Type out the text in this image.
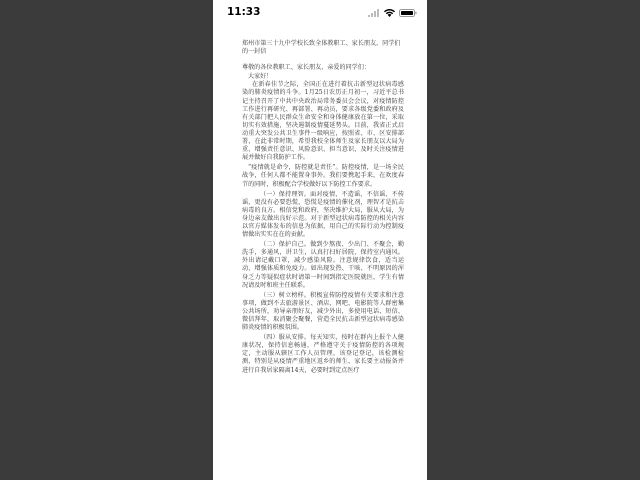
11:33

郑州市第三十九中学校长致全体教职工、家长朋友、同学们的一封信

尊敬的各位教职工、家长朋友、亲爱的同学们：

大家好！

在新春佳节之际，全国正在进行着抗击新型冠状病毒感染的肺炎疫情的斗争。1月25日农历正月初一，习近平总书记主持召开了中共中央政治局常务委员会会议，对疫情防控工作进行再研究、再部署、再动员，要求各级党委和政府及有关部门把人民群众生命安全和身体健康放在第一位，采取切实有效措施，坚决遏制疫情蔓延势头。目前，我省正式启动重大突发公共卫生事件一级响应，按照省、市、区安排部署，在此非常时期，希望我校全体师生及家长朋友以大局为重，增强责任意识、风险意识、担当意识，及时关注疫情进展并做好自我防护工作。

“疫情就是命令，防控就是责任”。防控疫情，是一场全民战争，任何人都不能置身事外。我们要携起手来，在欢度春节的同时，积极配合学校做好以下防控工作要求。

（一）保持理智。面对疫情，不造谣、不信谣、不传谣，更没有必要恐慌，恐慌是疫情的催化剂，理智才是抗击病毒的良方。相信党和政府，坚决维护大局，服从大局，为身边亲友做出良好示范。对于新型冠状病毒防控的相关内容以官方媒体发布的信息为依据，用自己的实际行动为控制疫情做出实实在在的贡献。

（二）保护自己。做到少熬夜、少出门、不聚会，勤洗手，多通风，讲卫生，认真打扫好居院，保持室内通风。外出请记戴口罩，减少感染风险。注意规律饮食，适当运动，增强体质和免疫力。如出现发热、干咳、不明原因的浑身乏力等疑似症状时请第一时间到指定医院就医，学生有情况请及时和班主任联系。

（三）树立榜样。积极宣传防控疫情有关要求和注意事项，做到不去旅游景区、酒店、网吧、电影院等人群密集公共场所，劝导亲朋好友，减少外出，多使用电话、短信、微信拜年，取消聚会聚餐，营造全民抗击新型冠状病毒感染肺炎疫情的积极氛围。

（四）服从安排。每天知实、按时在群内上报个人健康状况，保持信息畅通，严格遵守关于疫情防控的各项规定，主动服从辖区工作人员管理，该登记登记，该检测检测，特别是从疫情严重地区返乡的师生、家长要主动报备并进行自我居家隔离14天，必要时到定点医疗
